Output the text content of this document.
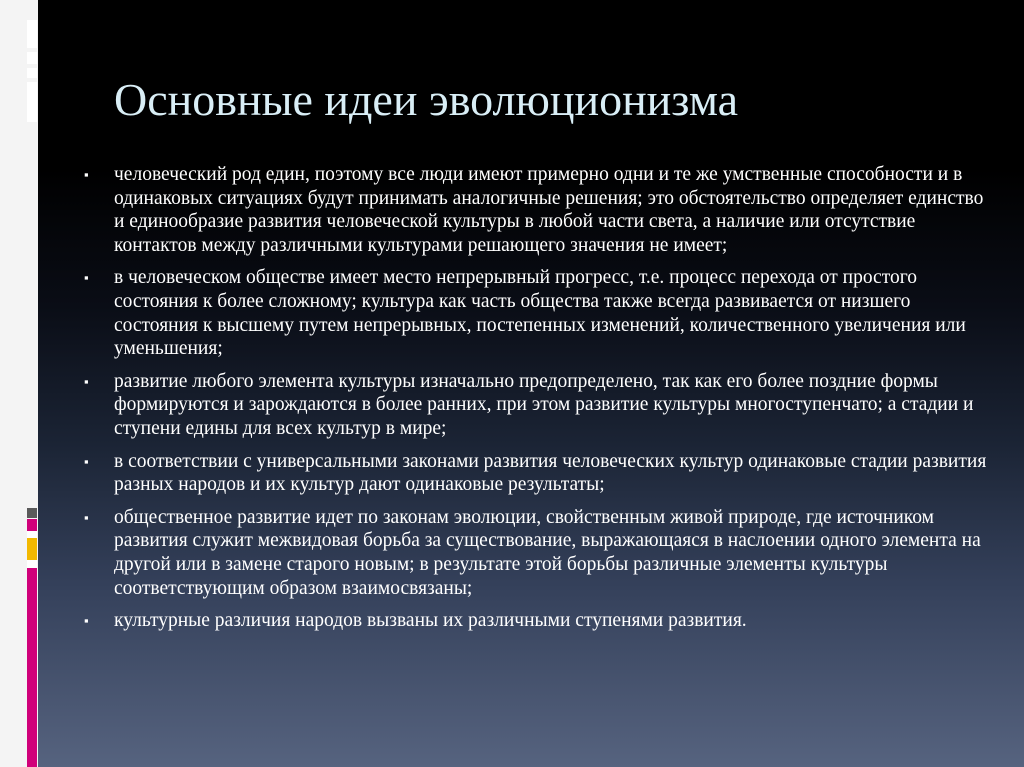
Основные идеи эволюционизма
▪ человеческий род един, поэтому все люди имеют примерно одни и те же умственные способности и в одинаковых ситуациях будут принимать аналогичные решения; это обстоятельство определяет единство и единообразие развития человеческой культуры в любой части света, а наличие или отсутствие контактов между различными культурами решающего значения не имеет;
▪ в человеческом обществе имеет место непрерывный прогресс, т.е. процесс перехода от простого состояния к более сложному; культура как часть общества также всегда развивается от низшего состояния к высшему путем непрерывных, постепенных изменений, количественного увеличения или уменьшения;
▪ развитие любого элемента культуры изначально предопределено, так как его более поздние формы формируются и зарождаются в более ранних, при этом развитие культуры многоступенчато; а стадии и ступени едины для всех культур в мире;
▪ в соответствии с универсальными законами развития человеческих культур одинаковые стадии развития разных народов и их культур дают одинаковые результаты;
▪ общественное развитие идет по законам эволюции, свойственным живой природе, где источником развития служит межвидовая борьба за существование, выражающаяся в наслоении одного элемента на другой или в замене старого новым; в результате этой борьбы различные элементы культуры соответствующим образом взаимосвязаны;
▪ культурные различия народов вызваны их различными ступенями развития.
